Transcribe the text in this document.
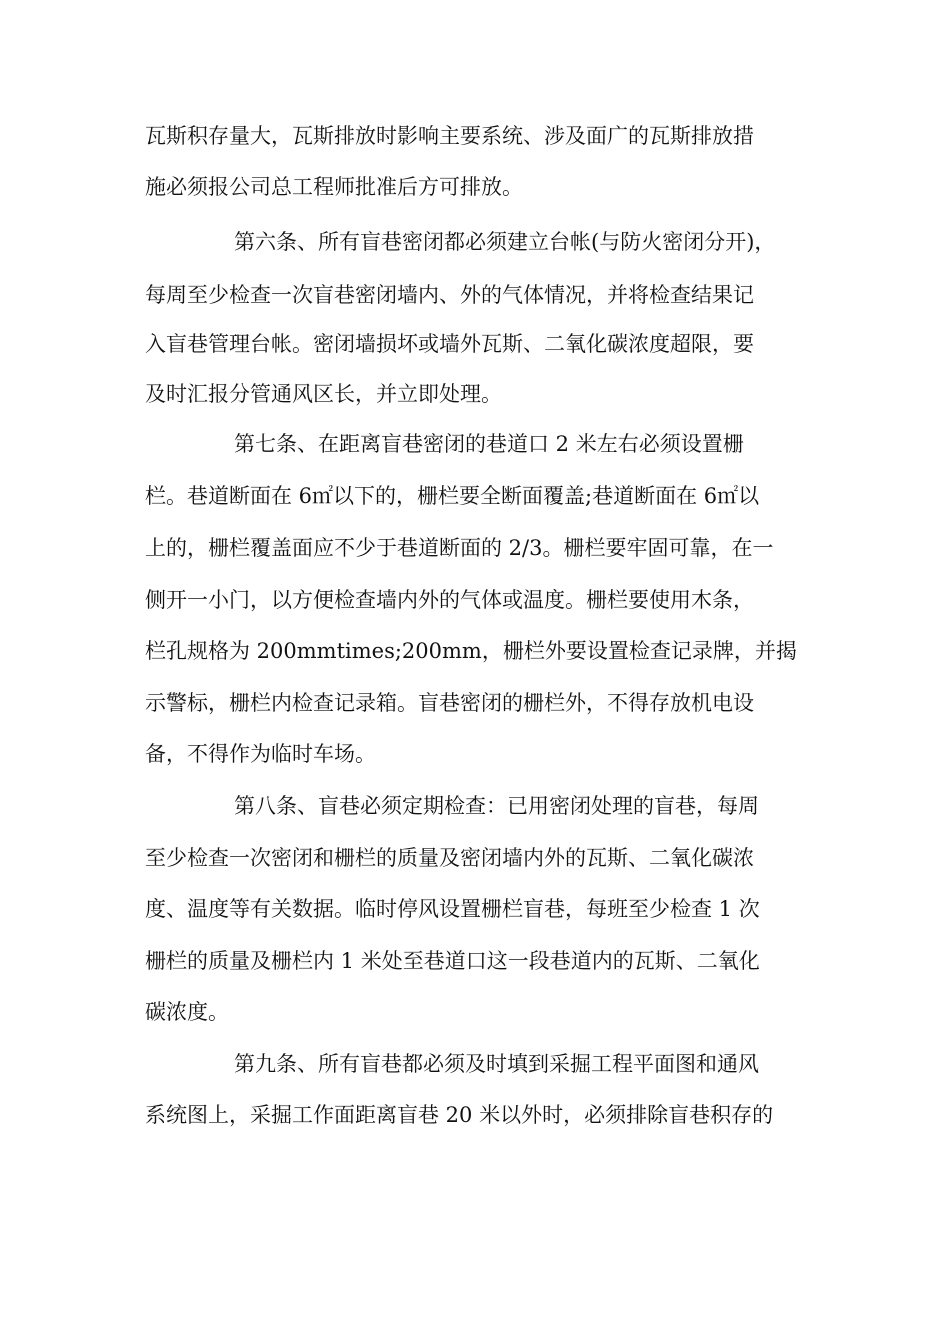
瓦斯积存量大，瓦斯排放时影响主要系统、涉及面广的瓦斯排放措
施必须报公司总工程师批准后方可排放。
第六条、所有盲巷密闭都必须建立台帐(与防火密闭分开)，
每周至少检查一次盲巷密闭墙内、外的气体情况，并将检查结果记
入盲巷管理台帐。密闭墙损坏或墙外瓦斯、二氧化碳浓度超限，要
及时汇报分管通风区长，并立即处理。
第七条、在距离盲巷密闭的巷道口 2 米左右必须设置栅
栏。巷道断面在 6㎡以下的，栅栏要全断面覆盖;巷道断面在 6㎡以
上的，栅栏覆盖面应不少于巷道断面的 2/3。栅栏要牢固可靠，在一
侧开一小门，以方便检查墙内外的气体或温度。栅栏要使用木条，
栏孔规格为 200mmtimes;200mm，栅栏外要设置检查记录牌，并揭
示警标，栅栏内检查记录箱。盲巷密闭的栅栏外，不得存放机电设
备，不得作为临时车场。
第八条、盲巷必须定期检查：已用密闭处理的盲巷，每周
至少检查一次密闭和栅栏的质量及密闭墙内外的瓦斯、二氧化碳浓
度、温度等有关数据。临时停风设置栅栏盲巷，每班至少检查 1 次
栅栏的质量及栅栏内 1 米处至巷道口这一段巷道内的瓦斯、二氧化
碳浓度。
第九条、所有盲巷都必须及时填到采掘工程平面图和通风
系统图上，采掘工作面距离盲巷 20 米以外时，必须排除盲巷积存的
